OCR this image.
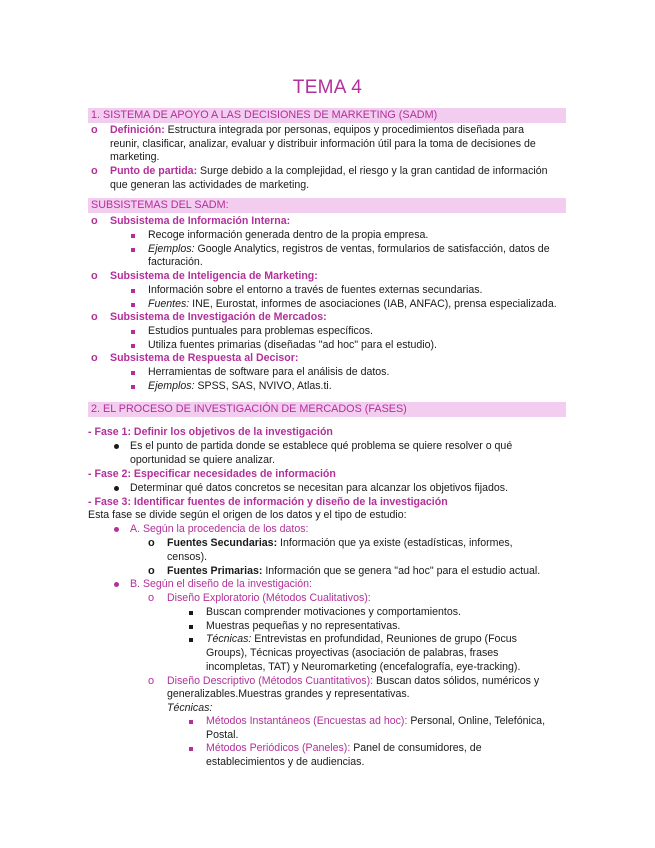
TEMA 4
1. SISTEMA DE APOYO A LAS DECISIONES DE MARKETING (SADM)
o Definición: Estructura integrada por personas, equipos y procedimientos diseñada para
reunir, clasificar, analizar, evaluar y distribuir información útil para la toma de decisiones de
marketing.
o Punto de partida: Surge debido a la complejidad, el riesgo y la gran cantidad de información
que generan las actividades de marketing.
SUBSISTEMAS DEL SADM:
o Subsistema de Información Interna:
Recoge información generada dentro de la propia empresa.
Ejemplos: Google Analytics, registros de ventas, formularios de satisfacción, datos de
facturación.
o Subsistema de Inteligencia de Marketing:
Información sobre el entorno a través de fuentes externas secundarias.
Fuentes: INE, Eurostat, informes de asociaciones (IAB, ANFAC), prensa especializada.
o Subsistema de Investigación de Mercados:
Estudios puntuales para problemas específicos.
Utiliza fuentes primarias (diseñadas "ad hoc" para el estudio).
o Subsistema de Respuesta al Decisor:
Herramientas de software para el análisis de datos.
Ejemplos: SPSS, SAS, NVIVO, Atlas.ti.
2. EL PROCESO DE INVESTIGACIÓN DE MERCADOS (FASES)
- Fase 1: Definir los objetivos de la investigación
Es el punto de partida donde se establece qué problema se quiere resolver o qué
oportunidad se quiere analizar.
- Fase 2: Especificar necesidades de información
Determinar qué datos concretos se necesitan para alcanzar los objetivos fijados.
- Fase 3: Identificar fuentes de información y diseño de la investigación
Esta fase se divide según el origen de los datos y el tipo de estudio:
A. Según la procedencia de los datos:
o Fuentes Secundarias: Información que ya existe (estadísticas, informes,
censos).
o Fuentes Primarias: Información que se genera "ad hoc" para el estudio actual.
B. Según el diseño de la investigación:
o Diseño Exploratorio (Métodos Cualitativos):
Buscan comprender motivaciones y comportamientos.
Muestras pequeñas y no representativas.
Técnicas: Entrevistas en profundidad, Reuniones de grupo (Focus
Groups), Técnicas proyectivas (asociación de palabras, frases
incompletas, TAT) y Neuromarketing (encefalografía, eye-tracking).
o Diseño Descriptivo (Métodos Cuantitativos): Buscan datos sólidos, numéricos y
generalizables.Muestras grandes y representativas.
Técnicas:
Métodos Instantáneos (Encuestas ad hoc): Personal, Online, Telefónica,
Postal.
Métodos Periódicos (Paneles): Panel de consumidores, de
establecimientos y de audiencias.
